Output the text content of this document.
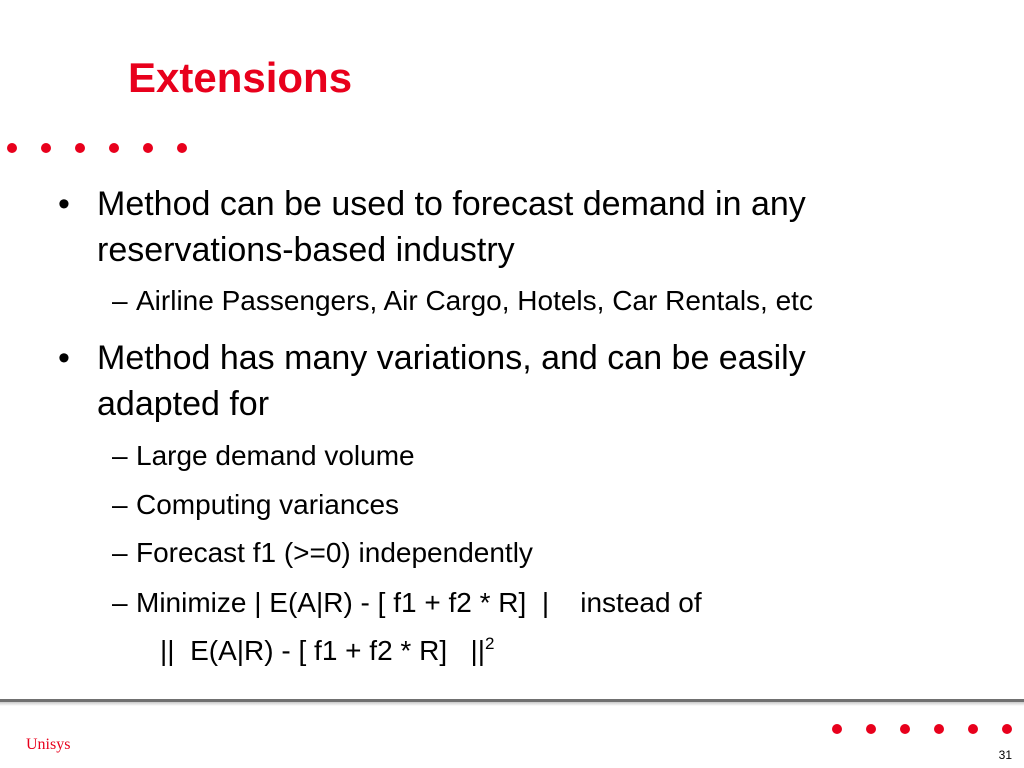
Extensions
• Method can be used to forecast demand in any
reservations-based industry
– Airline Passengers, Air Cargo, Hotels, Car Rentals, etc
• Method has many variations, and can be easily
adapted for
– Large demand volume
– Computing variances
– Forecast f1 (>=0) independently
– Minimize | E(A|R) - [ f1 + f2 * R]  |    instead of
||  E(A|R) - [ f1 + f2 * R]   $||^2$
Unisys
31
